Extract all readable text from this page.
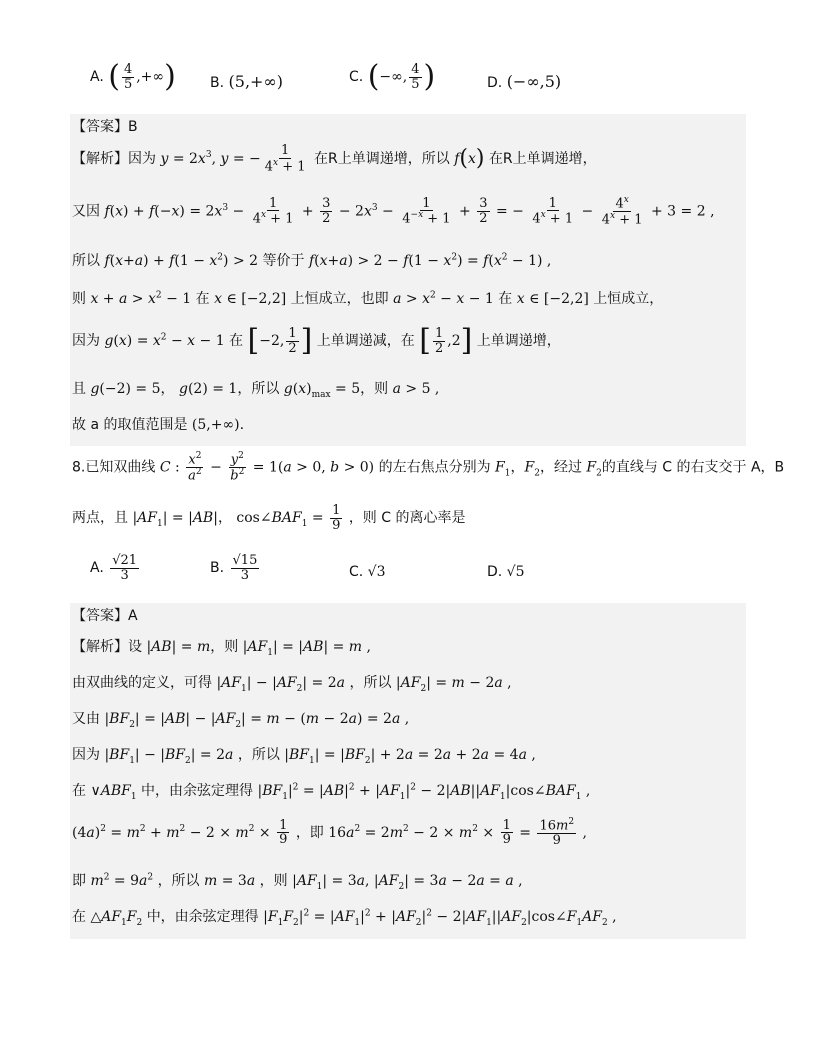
A. ( $\frac{4}{5}$ ,+∞) B. (5,+∞)	C. (−∞, $\frac{4}{5}$ )	D. (−∞,5)
【答案】B
【解析】因为 $y = 2x^3$, y = − $\frac{1}{4^x + 1}$ 在R上单调递增，所以 f(x) 在R上单调递增，
又因 $f(x) + f(-x) = 2x^3 - \frac{1}{4^x + 1} + \frac{3}{2} - 2x^3 - \frac{1}{4^{-x} + 1} + \frac{3}{2}$ = − $\frac{1}{4^x + 1} - \frac{4^x}{4^x + 1} + 3 = 2$ ,
所以 $f(x+a) + f(1 - x^2) > 2$ 等价于 $f(x+a) > 2 - f(1 - x^2) = f(x^2 - 1)$ ,
则 $x + a > x^2 - 1$ 在 x ∈ [−2,2] 上恒成立，也即 $a > x^2 - x - 1$ 在 x ∈ [−2,2] 上恒成立，
因为 $g(x) = x^2 - x - 1$ 在 [−2, $\frac{1}{2}$ ] 上单调递减，在 [ $\frac{1}{2} ,2$] 上单调递增，
且 g(−2) = 5， g(2) = 1，所以 $g(x)_{max} = 5$，则 a > 5 ,
故 a 的取值范围是 (5,+∞).
8.已知双曲线 C : $\frac{x^2}{a^2} - \frac{y^2}{b^2} = 1(a > 0$, b > 0) 的左右焦点分别为 $F_1$，$F_2$，经过 $F_2$的直线与 C 的右支交于 A，B
两点，且 $|AF_1| = |AB|$， $\cos\angle BAF_1 = \frac{1}{9}$ ，则 C 的离心率是
A. $\frac{√21}{3}$	B. $\frac{√15}{3}$	C. √3	D. √5
【答案】A
【解析】设 |AB| = m，则 $|AF_1| = |AB| = m$ ,
由双曲线的定义，可得 $|AF_1| - |AF_2| = 2a$ ，所以 $|AF_2| = m - 2a$ ,
又由 $|BF_2| = |AB| - |AF_2| = m - (m - 2a) = 2a$ ,
因为 $|BF_1| - |BF_2| = 2a$ ，所以 $|BF_1| = |BF_2| + 2a = 2a + 2a = 4a$ ,
在 $\vee ABF_1$ 中，由余弦定理得 $|BF_1|^2 = |AB|^2 + |AF_1|^2$ − $2|AB||AF_1|\cos\angle BAF_1$ ,
$(4a)^2 = m^2 + m^2 - 2 \times m^2 \times \frac{1}{9}$ ，即 $16a^2 = 2m^2 - 2 \times m^2 \times \frac{1}{9} = \frac{16m^2}{9}$ ,
即 $m^2 = 9a^2$ ，所以 m = 3a ，则 $|AF_1| = 3a$, $|AF_2| = 3a - 2a = a$ ,
在 $\triangle AF_1F_2$ 中，由余弦定理得 $|F_1F_2|^2 = |AF_1|^2 + |AF_2|^2$ − $2|AF_1||AF_2|\cos\angle F_1AF_2$ ,
